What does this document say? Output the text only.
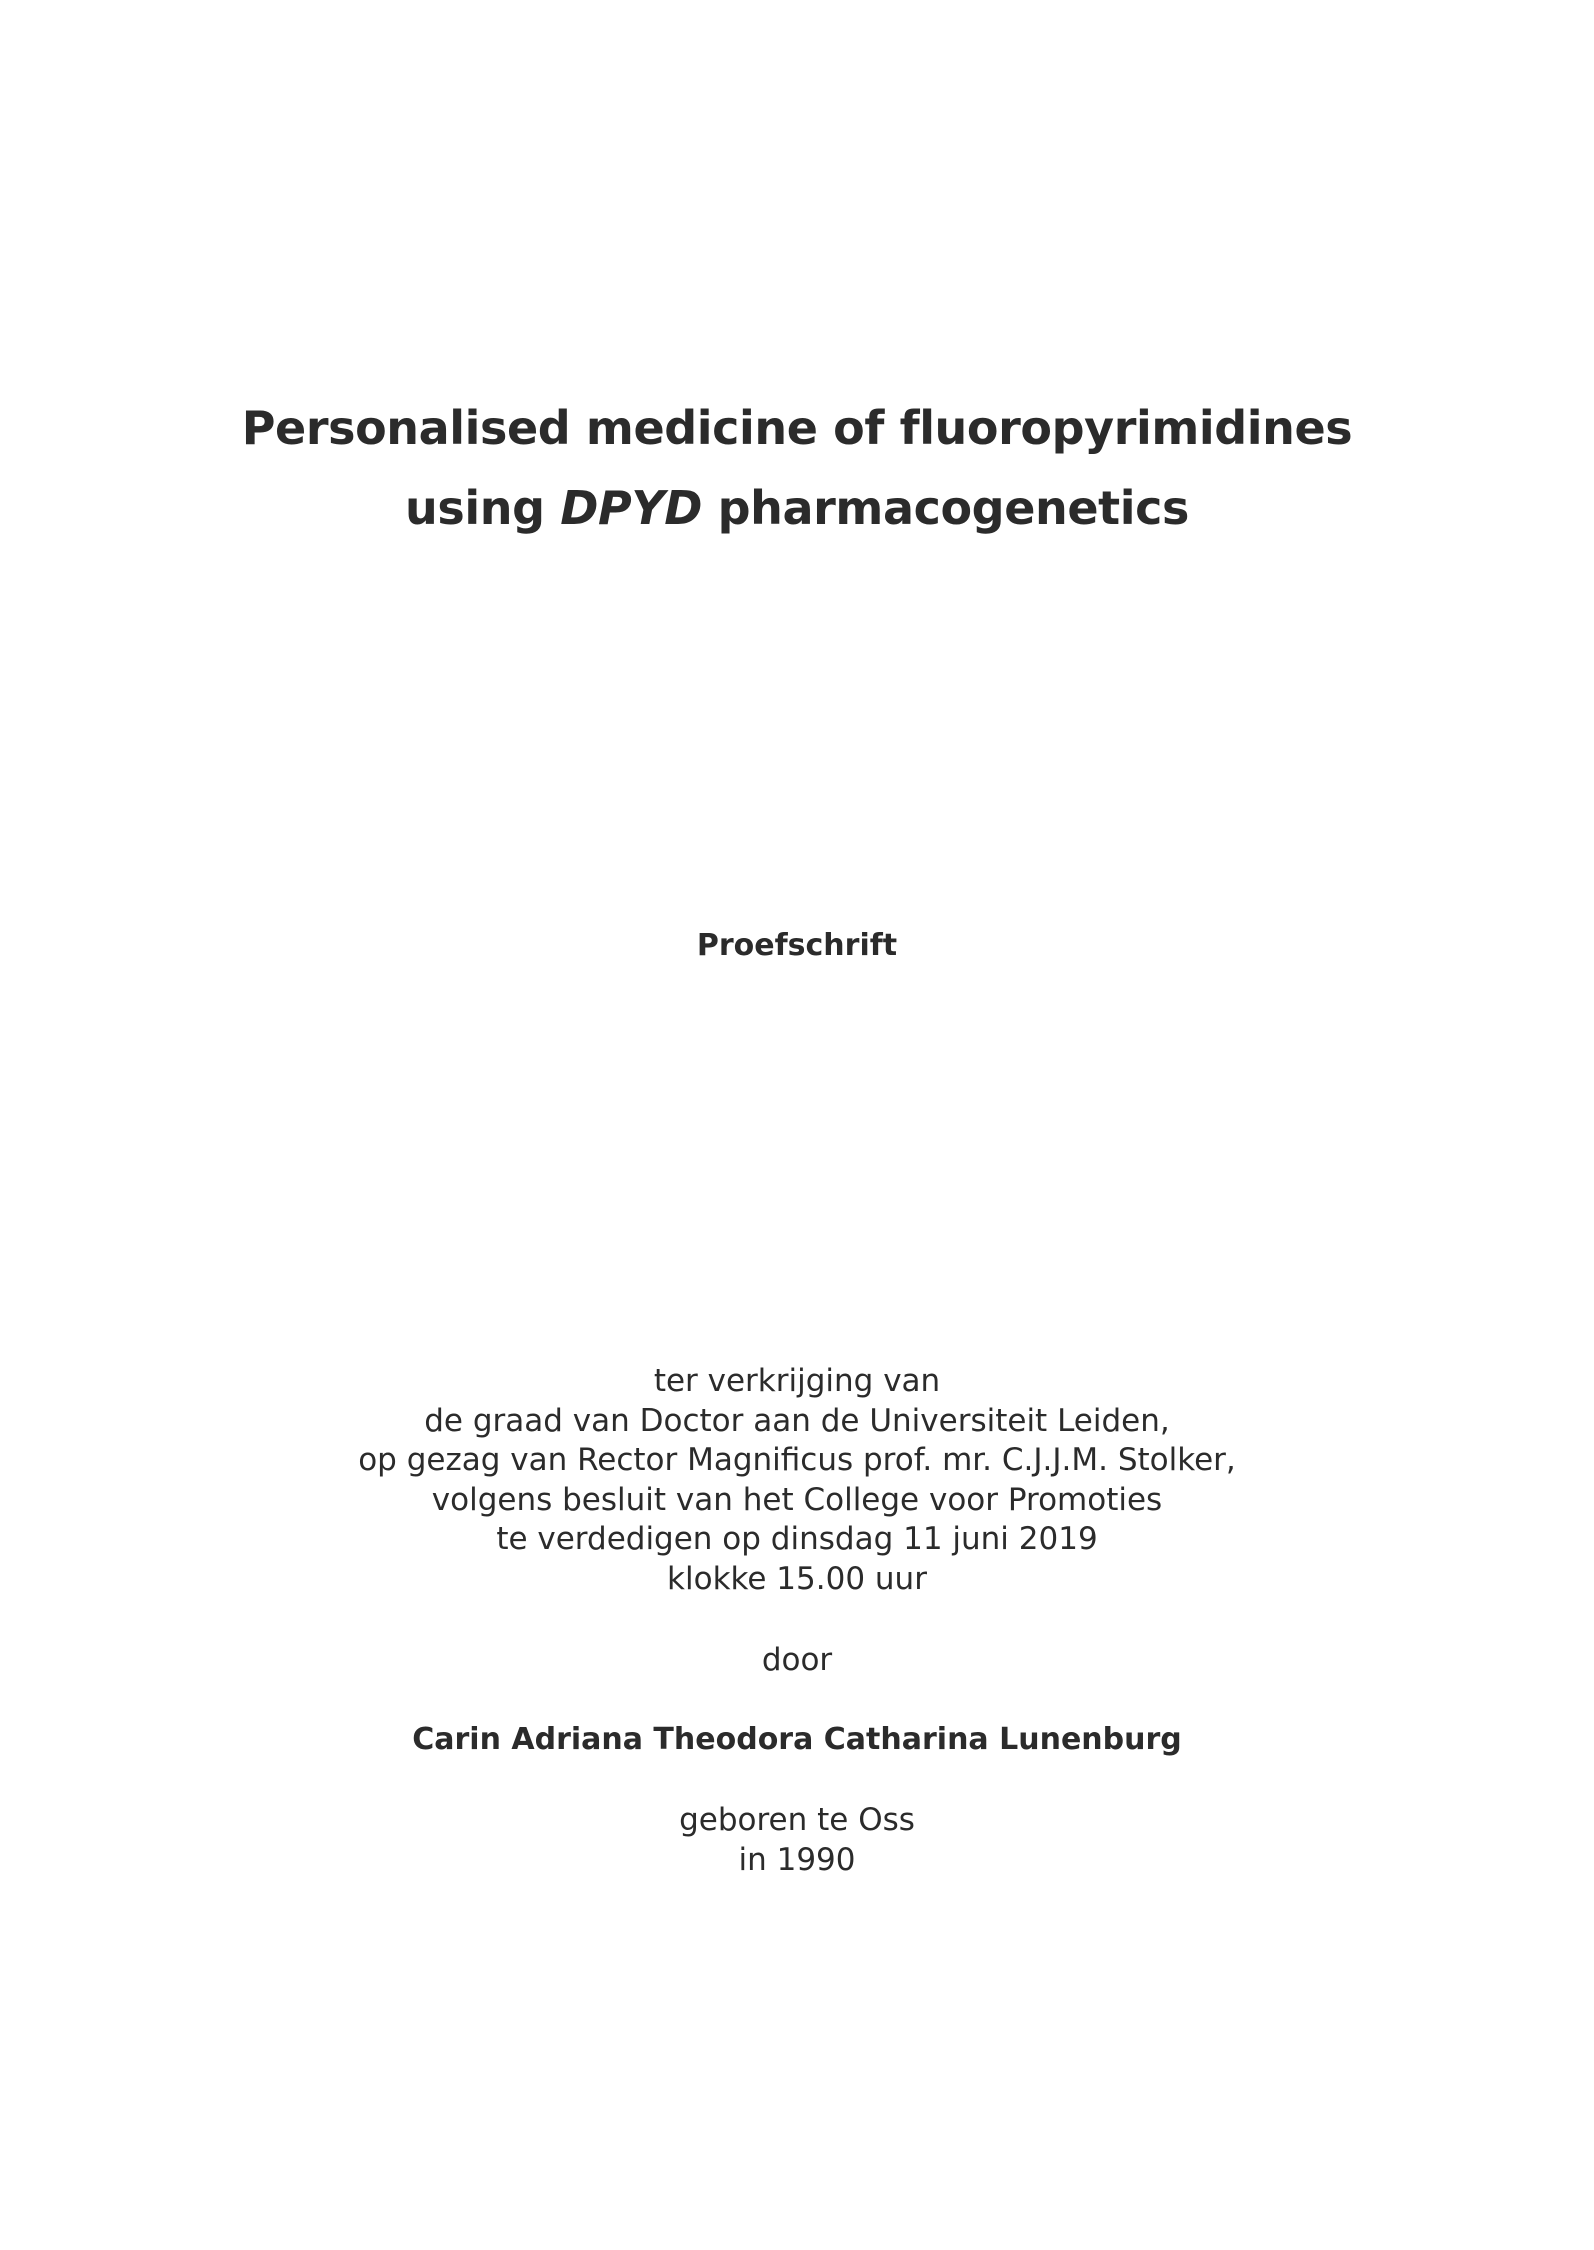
Personalised medicine of fluoropyrimidines
using DPYD pharmacogenetics
Proefschrift
ter verkrijging van
de graad van Doctor aan de Universiteit Leiden,
op gezag van Rector Magnificus prof. mr. C.J.J.M. Stolker,
volgens besluit van het College voor Promoties
te verdedigen op dinsdag 11 juni 2019
klokke 15.00 uur
door
Carin Adriana Theodora Catharina Lunenburg
geboren te Oss
in 1990
